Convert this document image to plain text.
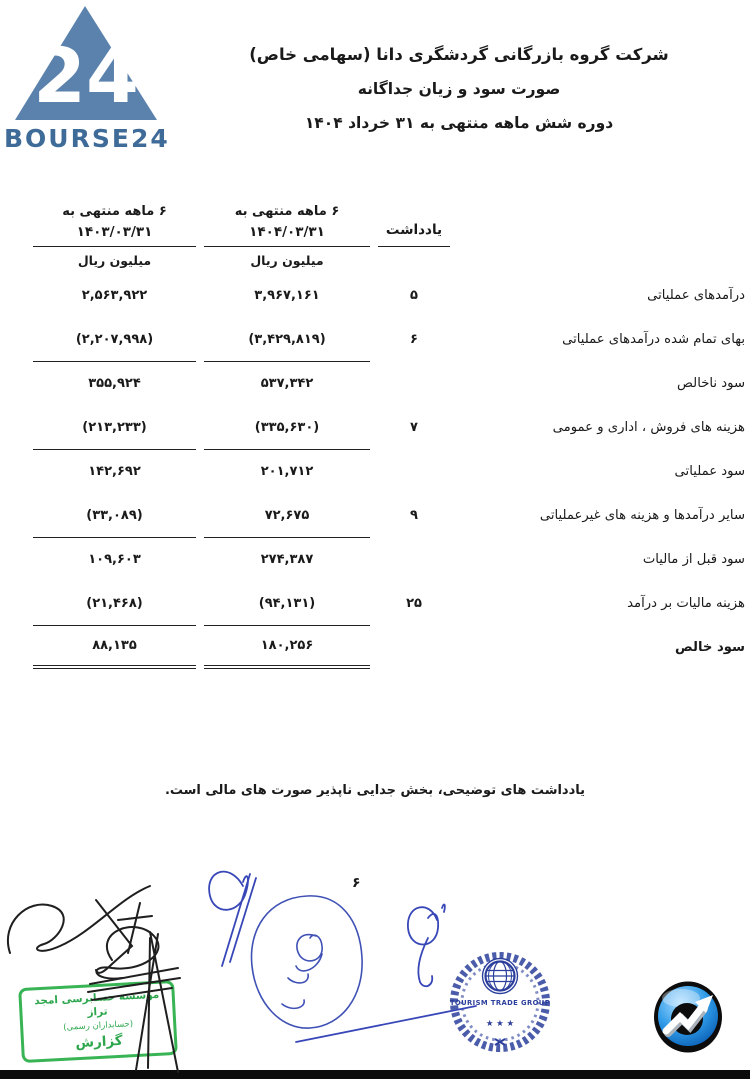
24
BOURSE24
شرکت گروه بازرگانی گردشگری دانا (سهامی خاص)
صورت سود و زیان جداگانه
دوره شش ماهه منتهی به ۳۱ خرداد ۱۴۰۴
یادداشت
۶ ماهه منتهی به
۱۴۰۴/۰۳/۳۱
۶ ماهه منتهی به
۱۴۰۳/۰۳/۳۱
میلیون ریال
میلیون ریال
درآمدهای عملیاتی
۵
۳,۹۶۷,۱۶۱
۲,۵۶۳,۹۲۲
بهای تمام شده درآمدهای عملیاتی
۶
(۳,۴۲۹,۸۱۹)
(۲,۲۰۷,۹۹۸)
سود ناخالص
۵۳۷,۳۴۲
۳۵۵,۹۲۴
هزینه های فروش ، اداری و عمومی
۷
(۳۳۵,۶۳۰)
(۲۱۳,۲۳۳)
سود عملیاتی
۲۰۱,۷۱۲
۱۴۲,۶۹۲
سایر درآمدها و هزینه های غیرعملیاتی
۹
۷۲,۶۷۵
(۳۳,۰۸۹)
سود قبل از مالیات
۲۷۴,۳۸۷
۱۰۹,۶۰۳
هزینه مالیات بر درآمد
۲۵
(۹۴,۱۳۱)
(۲۱,۴۶۸)
سود خالص
۱۸۰,۲۵۶
۸۸,۱۳۵
یادداشت های توضیحی، بخش جدایی ناپذیر صورت های مالی است.
۶
موسسه حسابرسی امجد تراز
(حسابداران رسمی)
گزارش
TOURISM TRADE GROUP
★ ★ ★
